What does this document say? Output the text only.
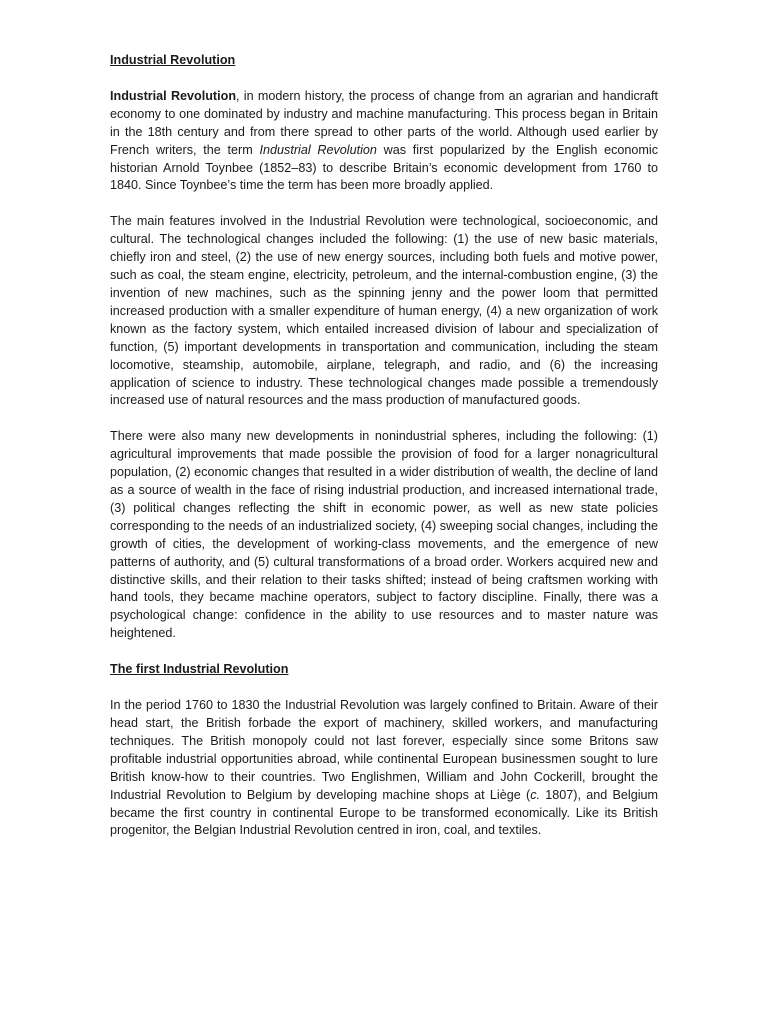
Industrial Revolution

Industrial Revolution, in modern history, the process of change from an agrarian and handicraft economy to one dominated by industry and machine manufacturing. This process began in Britain in the 18th century and from there spread to other parts of the world. Although used earlier by French writers, the term Industrial Revolution was first popularized by the English economic historian Arnold Toynbee (1852–83) to describe Britain’s economic development from 1760 to 1840. Since Toynbee’s time the term has been more broadly applied.

The main features involved in the Industrial Revolution were technological, socioeconomic, and cultural. The technological changes included the following: (1) the use of new basic materials, chiefly iron and steel, (2) the use of new energy sources, including both fuels and motive power, such as coal, the steam engine, electricity, petroleum, and the internal-combustion engine, (3) the invention of new machines, such as the spinning jenny and the power loom that permitted increased production with a smaller expenditure of human energy, (4) a new organization of work known as the factory system, which entailed increased division of labour and specialization of function, (5) important developments in transportation and communication, including the steam locomotive, steamship, automobile, airplane, telegraph, and radio, and (6) the increasing application of science to industry. These technological changes made possible a tremendously increased use of natural resources and the mass production of manufactured goods.

There were also many new developments in nonindustrial spheres, including the following: (1) agricultural improvements that made possible the provision of food for a larger nonagricultural population, (2) economic changes that resulted in a wider distribution of wealth, the decline of land as a source of wealth in the face of rising industrial production, and increased international trade, (3) political changes reflecting the shift in economic power, as well as new state policies corresponding to the needs of an industrialized society, (4) sweeping social changes, including the growth of cities, the development of working-class movements, and the emergence of new patterns of authority, and (5) cultural transformations of a broad order. Workers acquired new and distinctive skills, and their relation to their tasks shifted; instead of being craftsmen working with hand tools, they became machine operators, subject to factory discipline. Finally, there was a psychological change: confidence in the ability to use resources and to master nature was heightened.

The first Industrial Revolution

In the period 1760 to 1830 the Industrial Revolution was largely confined to Britain. Aware of their head start, the British forbade the export of machinery, skilled workers, and manufacturing techniques. The British monopoly could not last forever, especially since some Britons saw profitable industrial opportunities abroad, while continental European businessmen sought to lure British know-how to their countries. Two Englishmen, William and John Cockerill, brought the Industrial Revolution to Belgium by developing machine shops at Liège (c. 1807), and Belgium became the first country in continental Europe to be transformed economically. Like its British progenitor, the Belgian Industrial Revolution centred in iron, coal, and textiles.
